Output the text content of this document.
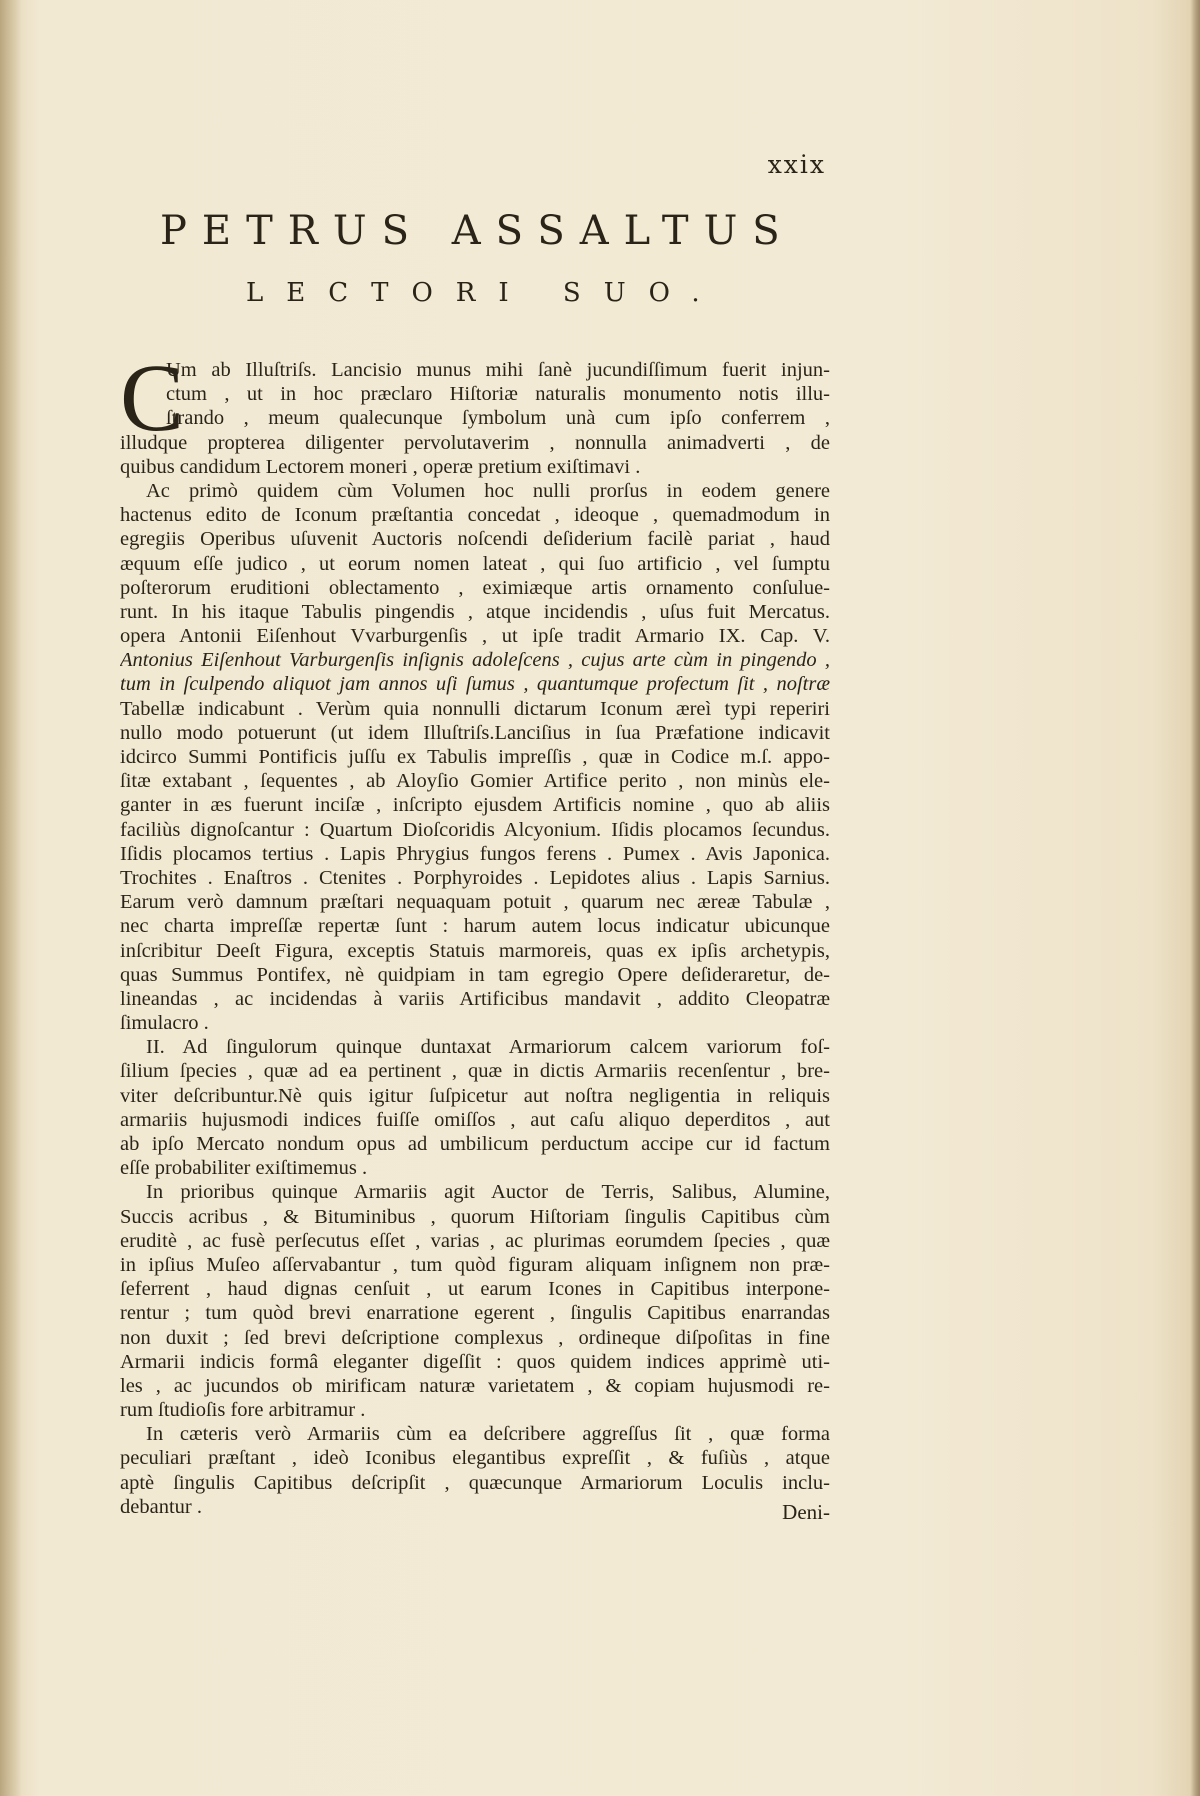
xxix
PETRUS ASSALTUS
LECTORI SUO.
C
Um ab Illuſtriſs. Lancisio munus mihi ſanè jucundiſſimum fuerit injun-
ctum , ut in hoc præclaro Hiſtoriæ naturalis monumento notis illu-
ſtrando , meum qualecunque ſymbolum unà cum ipſo conferrem ,
illudque propterea diligenter pervolutaverim , nonnulla animadverti , de
quibus candidum Lectorem moneri , operæ pretium exiſtimavi .
Ac primò quidem cùm Volumen hoc nulli prorſus in eodem genere
hactenus edito de Iconum præſtantia concedat , ideoque , quemadmodum in
egregiis Operibus uſuvenit Auctoris noſcendi deſiderium facilè pariat , haud
æquum eſſe judico , ut eorum nomen lateat , qui ſuo artificio , vel ſumptu
poſterorum eruditioni oblectamento , eximiæque artis ornamento conſulue-
runt. In his itaque Tabulis pingendis , atque incidendis , uſus fuit Mercatus.
opera Antonii Eiſenhout Vvarburgenſis , ut ipſe tradit Armario IX. Cap. V.
Antonius Eiſenhout Varburgenſis inſignis adoleſcens , cujus arte cùm in pingendo ,
tum in ſculpendo aliquot jam annos uſi ſumus , quantumque profectum ſit , noſtræ
Tabellæ indicabunt . Verùm quia nonnulli dictarum Iconum æreì typi reperiri
nullo modo potuerunt (ut idem Illuſtriſs.Lanciſius in ſua Præfatione indicavit
idcirco Summi Pontificis juſſu ex Tabulis impreſſis , quæ in Codice m.ſ. appo-
ſitæ extabant , ſequentes , ab Aloyſio Gomier Artifice perito , non minùs ele-
ganter in æs fuerunt inciſæ , inſcripto ejusdem Artificis nomine , quo ab aliis
faciliùs dignoſcantur : Quartum Dioſcoridis Alcyonium. Iſidis plocamos ſecundus.
Iſidis plocamos tertius . Lapis Phrygius fungos ferens . Pumex . Avis Japonica.
Trochites . Enaſtros . Ctenites . Porphyroides . Lepidotes alius . Lapis Sarnius.
Earum verò damnum præſtari nequaquam potuit , quarum nec æreæ Tabulæ ,
nec charta impreſſæ repertæ ſunt : harum autem locus indicatur ubicunque
inſcribitur Deeſt Figura, exceptis Statuis marmoreis, quas ex ipſis archetypis,
quas Summus Pontifex, nè quidpiam in tam egregio Opere deſideraretur, de-
lineandas , ac incidendas à variis Artificibus mandavit , addito Cleopatræ
ſimulacro .
II. Ad ſingulorum quinque duntaxat Armariorum calcem variorum foſ-
ſilium ſpecies , quæ ad ea pertinent , quæ in dictis Armariis recenſentur , bre-
viter deſcribuntur.Nè quis igitur ſuſpicetur aut noſtra negligentia in reliquis
armariis hujusmodi indices fuiſſe omiſſos , aut caſu aliquo deperditos , aut
ab ipſo Mercato nondum opus ad umbilicum perductum accipe cur id factum
eſſe probabiliter exiſtimemus .
In prioribus quinque Armariis agit Auctor de Terris, Salibus, Alumine,
Succis acribus , & Bituminibus , quorum Hiſtoriam ſingulis Capitibus cùm
eruditè , ac fusè perſecutus eſſet , varias , ac plurimas eorumdem ſpecies , quæ
in ipſius Muſeo aſſervabantur , tum quòd figuram aliquam inſignem non præ-
ſeferrent , haud dignas cenſuit , ut earum Icones in Capitibus interpone-
rentur ; tum quòd brevi enarratione egerent , ſingulis Capitibus enarrandas
non duxit ; ſed brevi deſcriptione complexus , ordineque diſpoſitas in fine
Armarii indicis formâ eleganter digeſſit : quos quidem indices apprimè uti-
les , ac jucundos ob mirificam naturæ varietatem , & copiam hujusmodi re-
rum ſtudioſis fore arbitramur .
In cæteris verò Armariis cùm ea deſcribere aggreſſus ſit , quæ forma
peculiari præſtant , ideò Iconibus elegantibus expreſſit , & fuſiùs , atque
aptè ſingulis Capitibus deſcripſit , quæcunque Armariorum Loculis inclu-
debantur .	Deni-
